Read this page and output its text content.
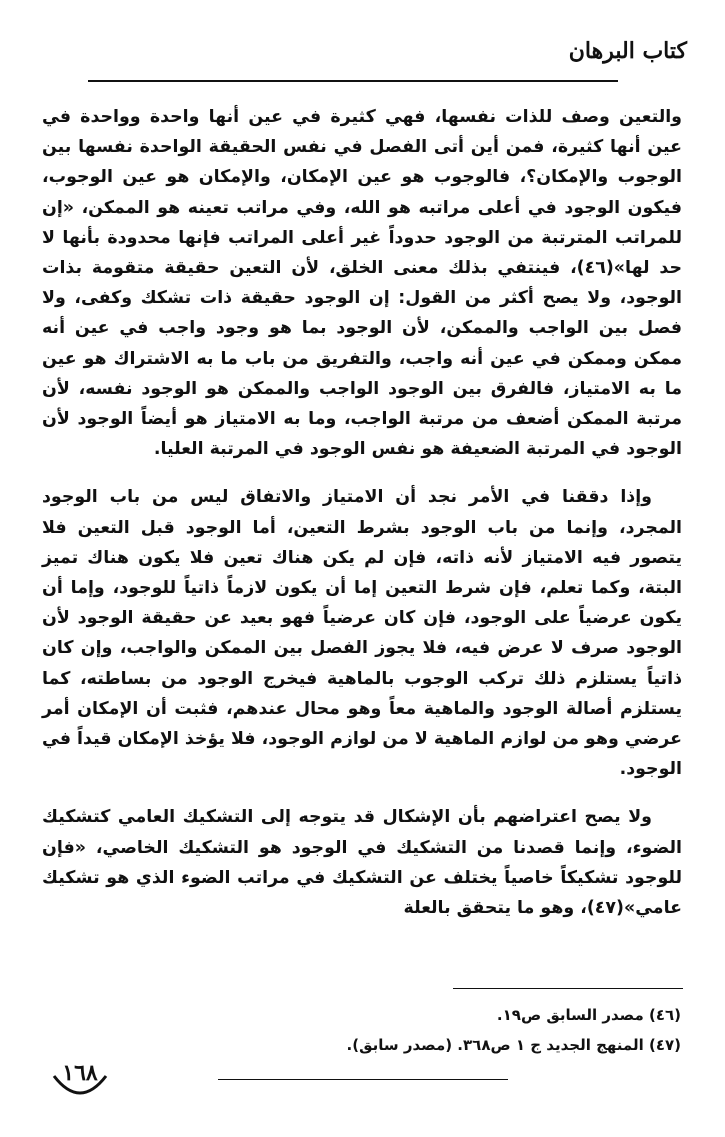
كتاب البرهان

والتعين وصف للذات نفسها، فهي كثيرة في عين أنها واحدة وواحدة في عين أنها كثيرة، فمن أين أتى الفصل في نفس الحقيقة الواحدة نفسها بين الوجوب والإمكان؟، فالوجوب هو عين الإمكان، والإمكان هو عين الوجوب، فيكون الوجود في أعلى مراتبه هو الله، وفي مراتب تعينه هو الممكن، «إن للمراتب المترتبة من الوجود حدوداً غير أعلى المراتب فإنها محدودة بأنها لا حد لها»(٤٦)، فينتفي بذلك معنى الخلق، لأن التعين حقيقة متقومة بذات الوجود، ولا يصح أكثر من القول: إن الوجود حقيقة ذات تشكك وكفى، ولا فصل بين الواجب والممكن، لأن الوجود بما هو وجود واجب في عين أنه ممكن وممكن في عين أنه واجب، والتفريق من باب ما به الاشتراك هو عين ما به الامتياز، فالفرق بين الوجود الواجب والممكن هو الوجود نفسه، لأن مرتبة الممكن أضعف من مرتبة الواجب، وما به الامتياز هو أيضاً الوجود لأن الوجود في المرتبة الضعيفة هو نفس الوجود في المرتبة العليا.

وإذا دققنا في الأمر نجد أن الامتياز والاتفاق ليس من باب الوجود المجرد، وإنما من باب الوجود بشرط التعين، أما الوجود قبل التعين فلا يتصور فيه الامتياز لأنه ذاته، فإن لم يكن هناك تعين فلا يكون هناك تميز البتة، وكما تعلم، فإن شرط التعين إما أن يكون لازماً ذاتياً للوجود، وإما أن يكون عرضياً على الوجود، فإن كان عرضياً فهو بعيد عن حقيقة الوجود لأن الوجود صرف لا عرض فيه، فلا يجوز الفصل بين الممكن والواجب، وإن كان ذاتياً يستلزم ذلك تركب الوجوب بالماهية فيخرج الوجود من بساطته، كما يستلزم أصالة الوجود والماهية معاً وهو محال عندهم، فثبت أن الإمكان أمر عرضي وهو من لوازم الماهية لا من لوازم الوجود، فلا يؤخذ الإمكان قيداً في الوجود.

ولا يصح اعتراضهم بأن الإشكال قد يتوجه إلى التشكيك العامي كتشكيك الضوء، وإنما قصدنا من التشكيك في الوجود هو التشكيك الخاصي، «فإن للوجود تشكيكاً خاصياً يختلف عن التشكيك في مراتب الضوء الذي هو تشكيك عامي»(٤٧)، وهو ما يتحقق بالعلة

(٤٦) مصدر السابق ص١٩.
(٤٧) المنهج الجديد ج ١ ص٣٦٨. (مصدر سابق).
١٦٨
